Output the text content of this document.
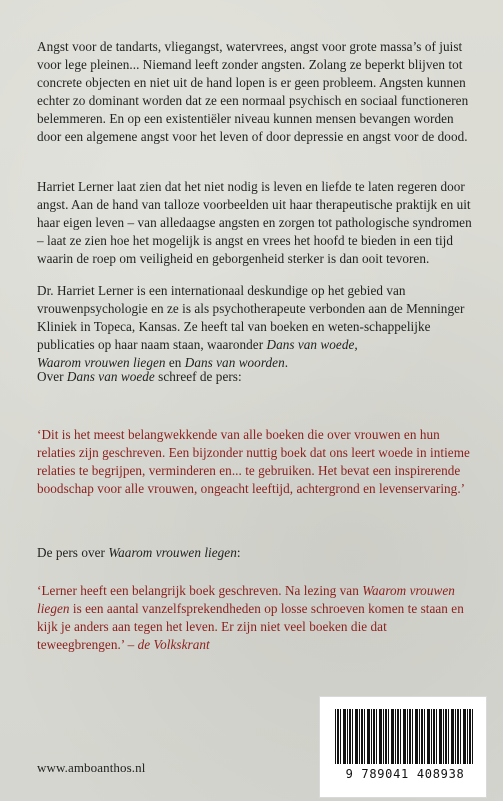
Angst voor de tandarts, vliegangst, watervrees, angst voor grote massa’s of juist voor lege pleinen... Niemand leeft zonder angsten. Zolang ze beperkt blijven tot concrete objecten en niet uit de hand lopen is er geen probleem. Angsten kunnen echter zo dominant worden dat ze een normaal psychisch en sociaal functioneren belemmeren. En op een existentiëler niveau kunnen mensen bevangen worden door een algemene angst voor het leven of door depressie en angst voor de dood.
Harriet Lerner laat zien dat het niet nodig is leven en liefde te laten regeren door angst. Aan de hand van talloze voorbeelden uit haar therapeutische praktijk en uit haar eigen leven – van alledaagse angsten en zorgen tot pathologische syndromen – laat ze zien hoe het mogelijk is angst en vrees het hoofd te bieden in een tijd waarin de roep om veiligheid en geborgenheid sterker is dan ooit tevoren.
Dr. Harriet Lerner is een internationaal deskundige op het gebied van vrouwenpsychologie en ze is als psychotherapeute verbonden aan de Menninger Kliniek in Topeca, Kansas. Ze heeft tal van boeken en weten-schappelijke publicaties op haar naam staan, waaronder Dans van woede,
Waarom vrouwen liegen en Dans van woorden.
Over Dans van woede schreef de pers:
‘Dit is het meest belangwekkende van alle boeken die over vrouwen en hun relaties zijn geschreven. Een bijzonder nuttig boek dat ons leert woede in intieme relaties te begrijpen, verminderen en... te gebruiken. Het bevat een inspirerende boodschap voor alle vrouwen, ongeacht leeftijd, achtergrond en levenservaring.’
De pers over Waarom vrouwen liegen:
‘Lerner heeft een belangrijk boek geschreven. Na lezing van Waarom vrouwen liegen is een aantal vanzelfsprekendheden op losse schroeven komen te staan en kijk je anders aan tegen het leven. Er zijn niet veel boeken die dat teweegbrengen.’ – de Volkskrant
www.amboanthos.nl	9 789041 408938
